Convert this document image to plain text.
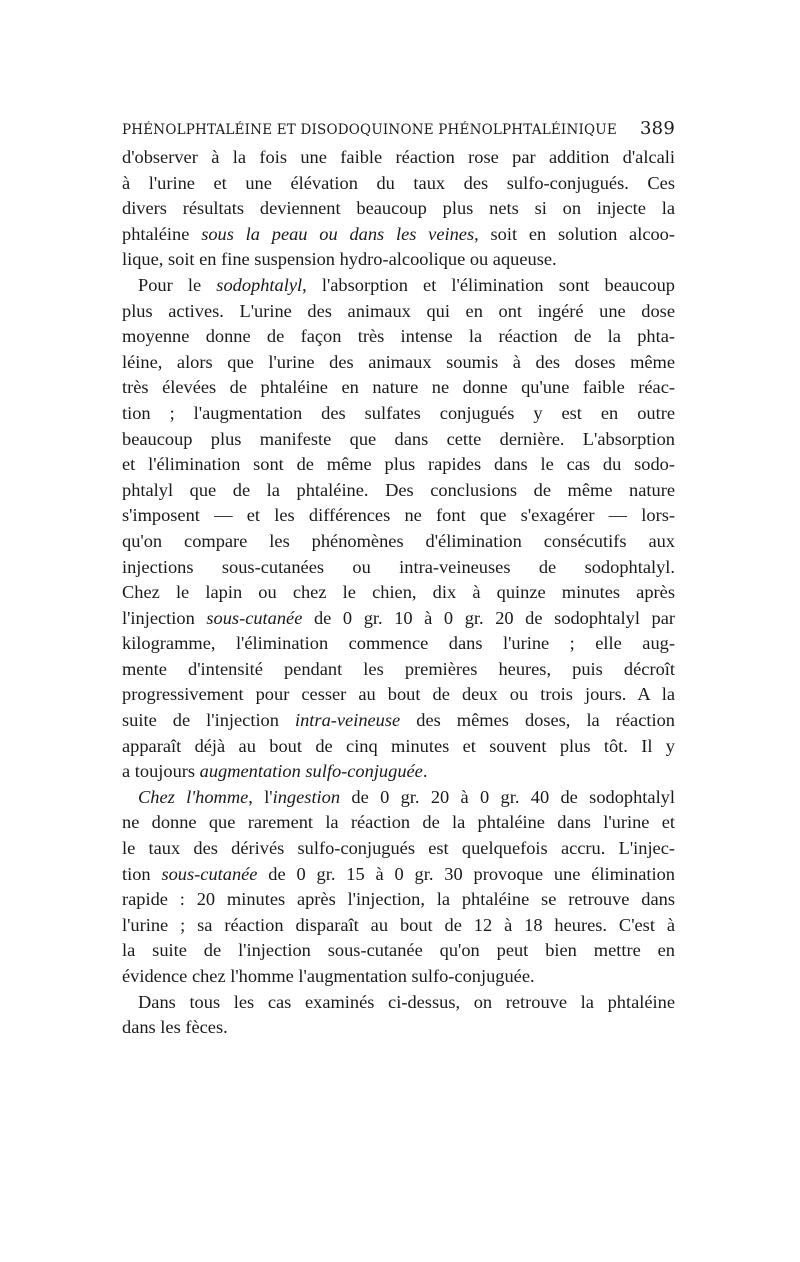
PHÉNOLPHTALÉINE ET DISODOQUINONE PHÉNOLPHTALÉINIQUE 389
d'observer à la fois une faible réaction rose par addition d'alcali
à l'urine et une élévation du taux des sulfo-conjugués. Ces
divers résultats deviennent beaucoup plus nets si on injecte la
phtaléine sous la peau ou dans les veines, soit en solution alcoo-
lique, soit en fine suspension hydro-alcoolique ou aqueuse.
Pour le sodophtalyl, l'absorption et l'élimination sont beaucoup
plus actives. L'urine des animaux qui en ont ingéré une dose
moyenne donne de façon très intense la réaction de la phta-
léine, alors que l'urine des animaux soumis à des doses même
très élevées de phtaléine en nature ne donne qu'une faible réac-
tion ; l'augmentation des sulfates conjugués y est en outre
beaucoup plus manifeste que dans cette dernière. L'absorption
et l'élimination sont de même plus rapides dans le cas du sodo-
phtalyl que de la phtaléine. Des conclusions de même nature
s'imposent — et les différences ne font que s'exagérer — lors-
qu'on compare les phénomènes d'élimination consécutifs aux
injections sous-cutanées ou intra-veineuses de sodophtalyl.
Chez le lapin ou chez le chien, dix à quinze minutes après
l'injection sous-cutanée de 0 gr. 10 à 0 gr. 20 de sodophtalyl par
kilogramme, l'élimination commence dans l'urine ; elle aug-
mente d'intensité pendant les premières heures, puis décroît
progressivement pour cesser au bout de deux ou trois jours. A la
suite de l'injection intra-veineuse des mêmes doses, la réaction
apparaît déjà au bout de cinq minutes et souvent plus tôt. Il y
a toujours augmentation sulfo-conjuguée.
Chez l'homme, l'ingestion de 0 gr. 20 à 0 gr. 40 de sodophtalyl
ne donne que rarement la réaction de la phtaléine dans l'urine et
le taux des dérivés sulfo-conjugués est quelquefois accru. L'injec-
tion sous-cutanée de 0 gr. 15 à 0 gr. 30 provoque une élimination
rapide : 20 minutes après l'injection, la phtaléine se retrouve dans
l'urine ; sa réaction disparaît au bout de 12 à 18 heures. C'est à
la suite de l'injection sous-cutanée qu'on peut bien mettre en
évidence chez l'homme l'augmentation sulfo-conjuguée.
Dans tous les cas examinés ci-dessus, on retrouve la phtaléine
dans les fèces.
